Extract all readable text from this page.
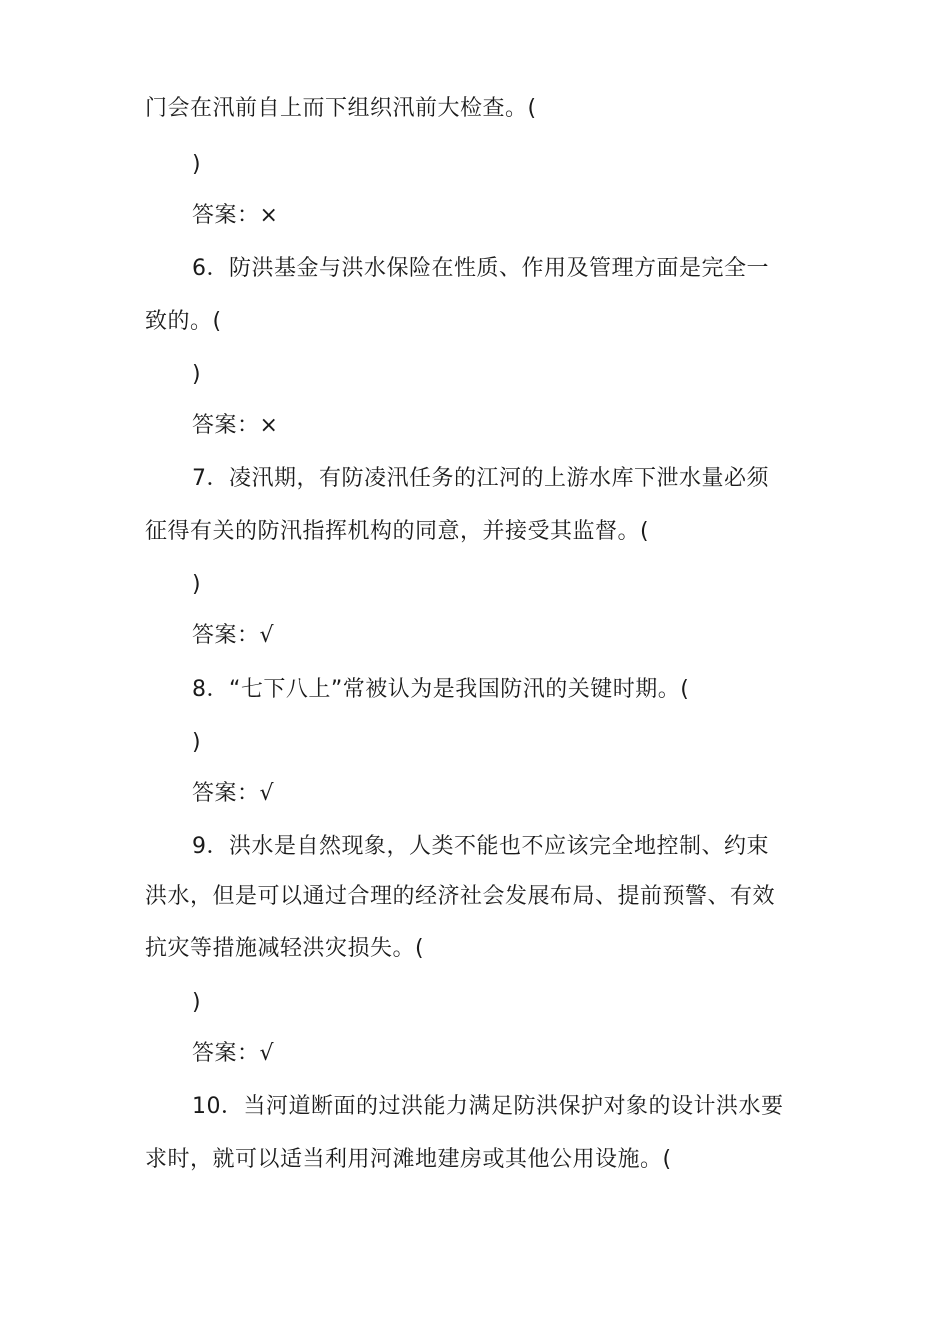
门会在汛前自上而下组织汛前大检查。(
)
答案：×
6．防洪基金与洪水保险在性质、作用及管理方面是完全一
致的。(
)
答案：×
7．凌汛期，有防凌汛任务的江河的上游水库下泄水量必须
征得有关的防汛指挥机构的同意，并接受其监督。(
)
答案：√
8．“七下八上”常被认为是我国防汛的关键时期。(
)
答案：√
9．洪水是自然现象，人类不能也不应该完全地控制、约束
洪水，但是可以通过合理的经济社会发展布局、提前预警、有效
抗灾等措施减轻洪灾损失。(
)
答案：√
10．当河道断面的过洪能力满足防洪保护对象的设计洪水要
求时，就可以适当利用河滩地建房或其他公用设施。(
